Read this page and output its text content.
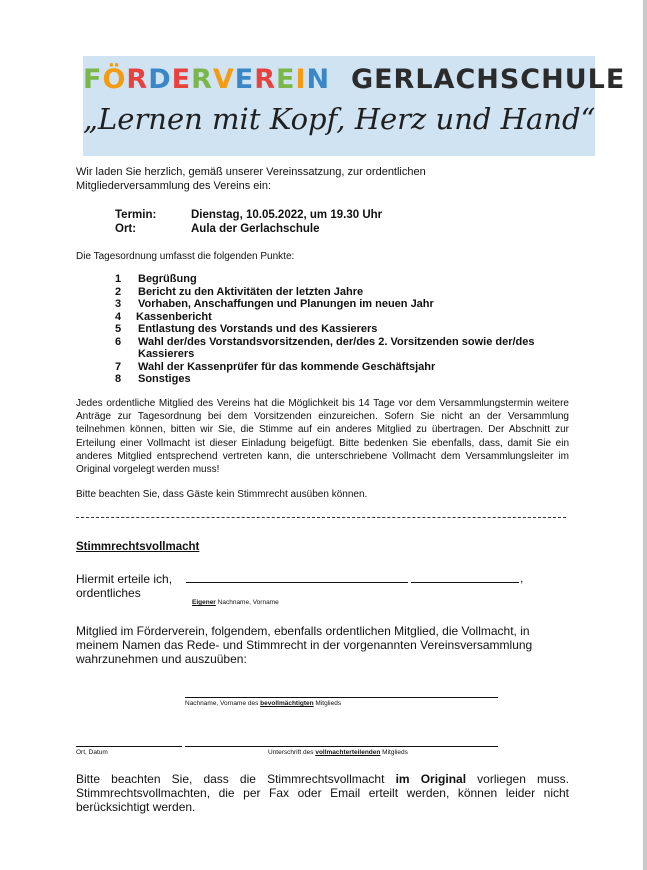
FÖRDERVEREIN GERLACHSCHULE
„Lernen mit Kopf, Herz und Hand“
Wir laden Sie herzlich, gemäß unserer Vereinssatzung, zur ordentlichen Mitgliederversammlung des Vereins ein:
Termin:	Dienstag, 10.05.2022, um 19.30 Uhr
Ort:	Aula der Gerlachschule
Die Tagesordnung umfasst die folgenden Punkte:
1	Begrüßung
2	Bericht zu den Aktivitäten der letzten Jahre
3	Vorhaben, Anschaffungen und Planungen im neuen Jahr
4	Kassenbericht
5	Entlastung des Vorstands und des Kassierers
6	Wahl der/des Vorstandsvorsitzenden, der/des 2. Vorsitzenden sowie der/des Kassierers
7	Wahl der Kassenprüfer für das kommende Geschäftsjahr
8	Sonstiges
Jedes ordentliche Mitglied des Vereins hat die Möglichkeit bis 14 Tage vor dem Versammlungstermin weitere Anträge zur Tagesordnung bei dem Vorsitzenden einzureichen. Sofern Sie nicht an der Versammlung teilnehmen können, bitten wir Sie, die Stimme auf ein anderes Mitglied zu übertragen. Der Abschnitt zur Erteilung einer Vollmacht ist dieser Einladung beigefügt. Bitte bedenken Sie ebenfalls, dass, damit Sie ein anderes Mitglied entsprechend vertreten kann, die unterschriebene Vollmacht dem Versammlungsleiter im Original vorgelegt werden muss!
Bitte beachten Sie, dass Gäste kein Stimmrecht ausüben können.
Stimmrechtsvollmacht
Hiermit erteile ich,	,
ordentliches
Eigener Nachname, Vorname
Mitglied im Förderverein, folgendem, ebenfalls ordentlichen Mitglied, die Vollmacht, in meinem Namen das Rede- und Stimmrecht in der vorgenannten Vereinsversammlung wahrzunehmen und auszuüben:
Nachname, Vorname des bevollmächtigten Mitglieds
Ort, Datum	Unterschrift des vollmachterteilenden Mitglieds
Bitte beachten Sie, dass die Stimmrechtsvollmacht im Original vorliegen muss. Stimmrechtsvollmachten, die per Fax oder Email erteilt werden, können leider nicht berücksichtigt werden.
